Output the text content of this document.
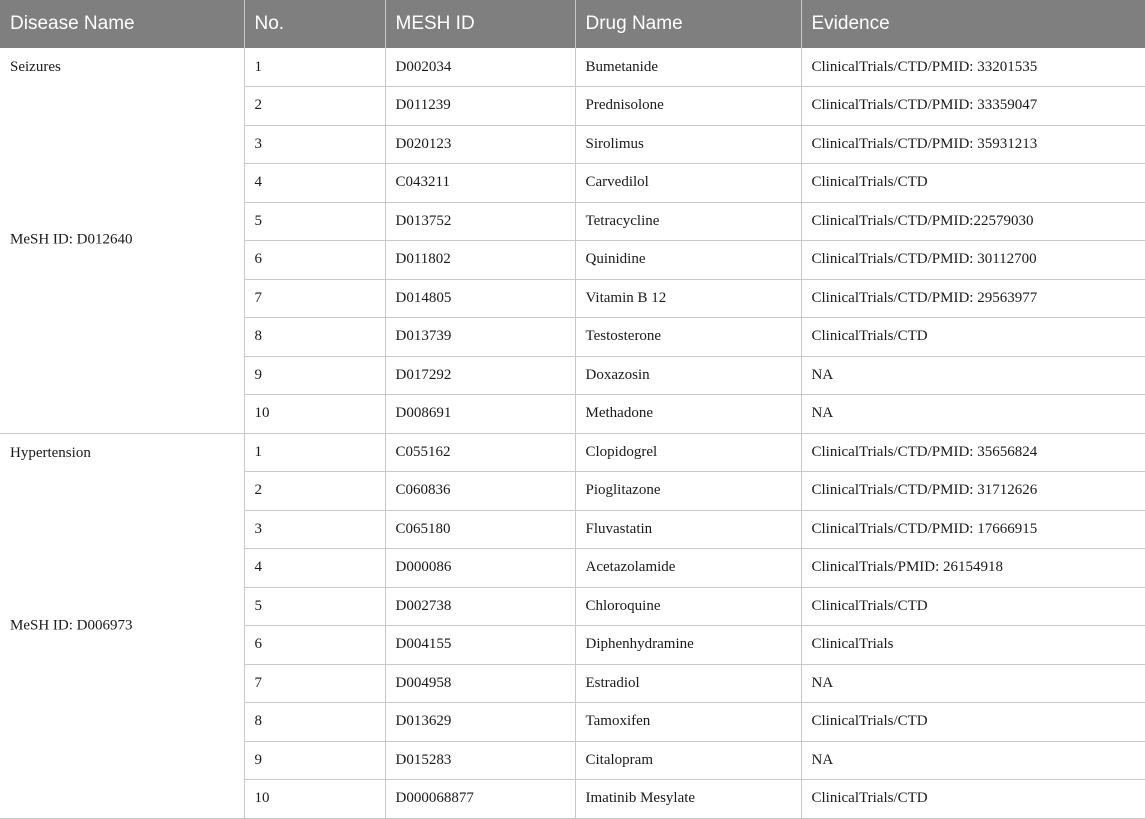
Disease Name	No.	MESH ID	Drug Name	Evidence

Seizures
MeSH ID: D012640	1	D002034	Bumetanide	ClinicalTrials/CTD/PMID: 33201535
	2	D011239	Prednisolone	ClinicalTrials/CTD/PMID: 33359047
	3	D020123	Sirolimus	ClinicalTrials/CTD/PMID: 35931213
	4	C043211	Carvedilol	ClinicalTrials/CTD
	5	D013752	Tetracycline	ClinicalTrials/CTD/PMID:22579030
	6	D011802	Quinidine	ClinicalTrials/CTD/PMID: 30112700
	7	D014805	Vitamin B 12	ClinicalTrials/CTD/PMID: 29563977
	8	D013739	Testosterone	ClinicalTrials/CTD
	9	D017292	Doxazosin	NA
	10	D008691	Methadone	NA

Hypertension
MeSH ID: D006973	1	C055162	Clopidogrel	ClinicalTrials/CTD/PMID: 35656824
	2	C060836	Pioglitazone	ClinicalTrials/CTD/PMID: 31712626
	3	C065180	Fluvastatin	ClinicalTrials/CTD/PMID: 17666915
	4	D000086	Acetazolamide	ClinicalTrials/PMID: 26154918
	5	D002738	Chloroquine	ClinicalTrials/CTD
	6	D004155	Diphenhydramine	ClinicalTrials
	7	D004958	Estradiol	NA
	8	D013629	Tamoxifen	ClinicalTrials/CTD
	9	D015283	Citalopram	NA
	10	D000068877	Imatinib Mesylate	ClinicalTrials/CTD
